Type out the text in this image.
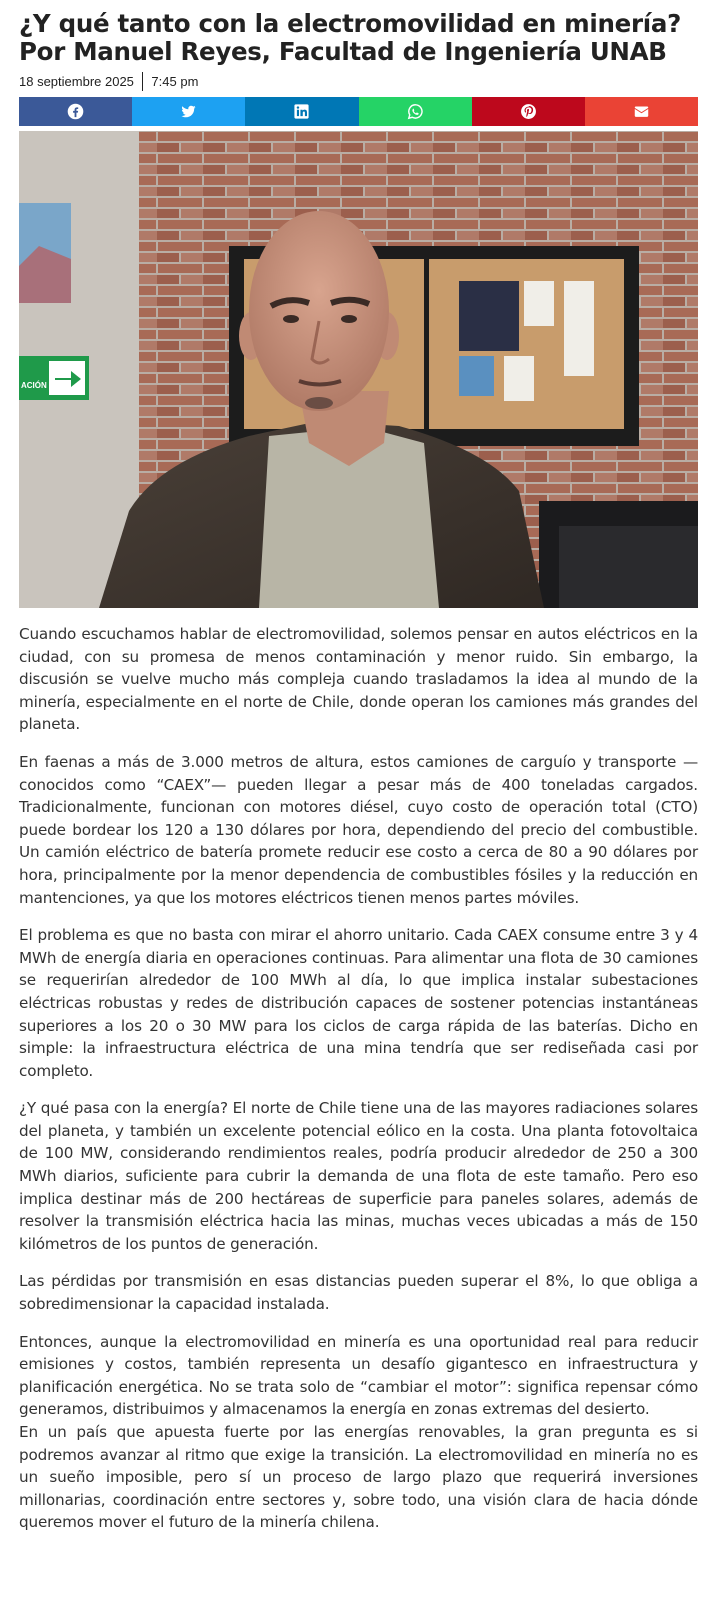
¿Y qué tanto con la electromovilidad en minería? Por Manuel Reyes, Facultad de Ingeniería UNAB
18 septiembre 2025 7:45 pm
ACIÓN

Cuando escuchamos hablar de electromovilidad, solemos pensar en autos eléctricos en la ciudad, con su promesa de menos contaminación y menor ruido. Sin embargo, la discusión se vuelve mucho más compleja cuando trasladamos la idea al mundo de la minería, especialmente en el norte de Chile, donde operan los camiones más grandes del planeta.

En faenas a más de 3.000 metros de altura, estos camiones de carguío y transporte —conocidos como “CAEX”— pueden llegar a pesar más de 400 toneladas cargados. Tradicionalmente, funcionan con motores diésel, cuyo costo de operación total (CTO) puede bordear los 120 a 130 dólares por hora, dependiendo del precio del combustible. Un camión eléctrico de batería promete reducir ese costo a cerca de 80 a 90 dólares por hora, principalmente por la menor dependencia de combustibles fósiles y la reducción en mantenciones, ya que los motores eléctricos tienen menos partes móviles.

El problema es que no basta con mirar el ahorro unitario. Cada CAEX consume entre 3 y 4 MWh de energía diaria en operaciones continuas. Para alimentar una flota de 30 camiones se requerirían alrededor de 100 MWh al día, lo que implica instalar subestaciones eléctricas robustas y redes de distribución capaces de sostener potencias instantáneas superiores a los 20 o 30 MW para los ciclos de carga rápida de las baterías. Dicho en simple: la infraestructura eléctrica de una mina tendría que ser rediseñada casi por completo.

¿Y qué pasa con la energía? El norte de Chile tiene una de las mayores radiaciones solares del planeta, y también un excelente potencial eólico en la costa. Una planta fotovoltaica de 100 MW, considerando rendimientos reales, podría producir alrededor de 250 a 300 MWh diarios, suficiente para cubrir la demanda de una flota de este tamaño. Pero eso implica destinar más de 200 hectáreas de superficie para paneles solares, además de resolver la transmisión eléctrica hacia las minas, muchas veces ubicadas a más de 150 kilómetros de los puntos de generación.

Las pérdidas por transmisión en esas distancias pueden superar el 8%, lo que obliga a sobredimensionar la capacidad instalada.

Entonces, aunque la electromovilidad en minería es una oportunidad real para reducir emisiones y costos, también representa un desafío gigantesco en infraestructura y planificación energética. No se trata solo de “cambiar el motor”: significa repensar cómo generamos, distribuimos y almacenamos la energía en zonas extremas del desierto.

En un país que apuesta fuerte por las energías renovables, la gran pregunta es si podremos avanzar al ritmo que exige la transición. La electromovilidad en minería no es un sueño imposible, pero sí un proceso de largo plazo que requerirá inversiones millonarias, coordinación entre sectores y, sobre todo, una visión clara de hacia dónde queremos mover el futuro de la minería chilena.
